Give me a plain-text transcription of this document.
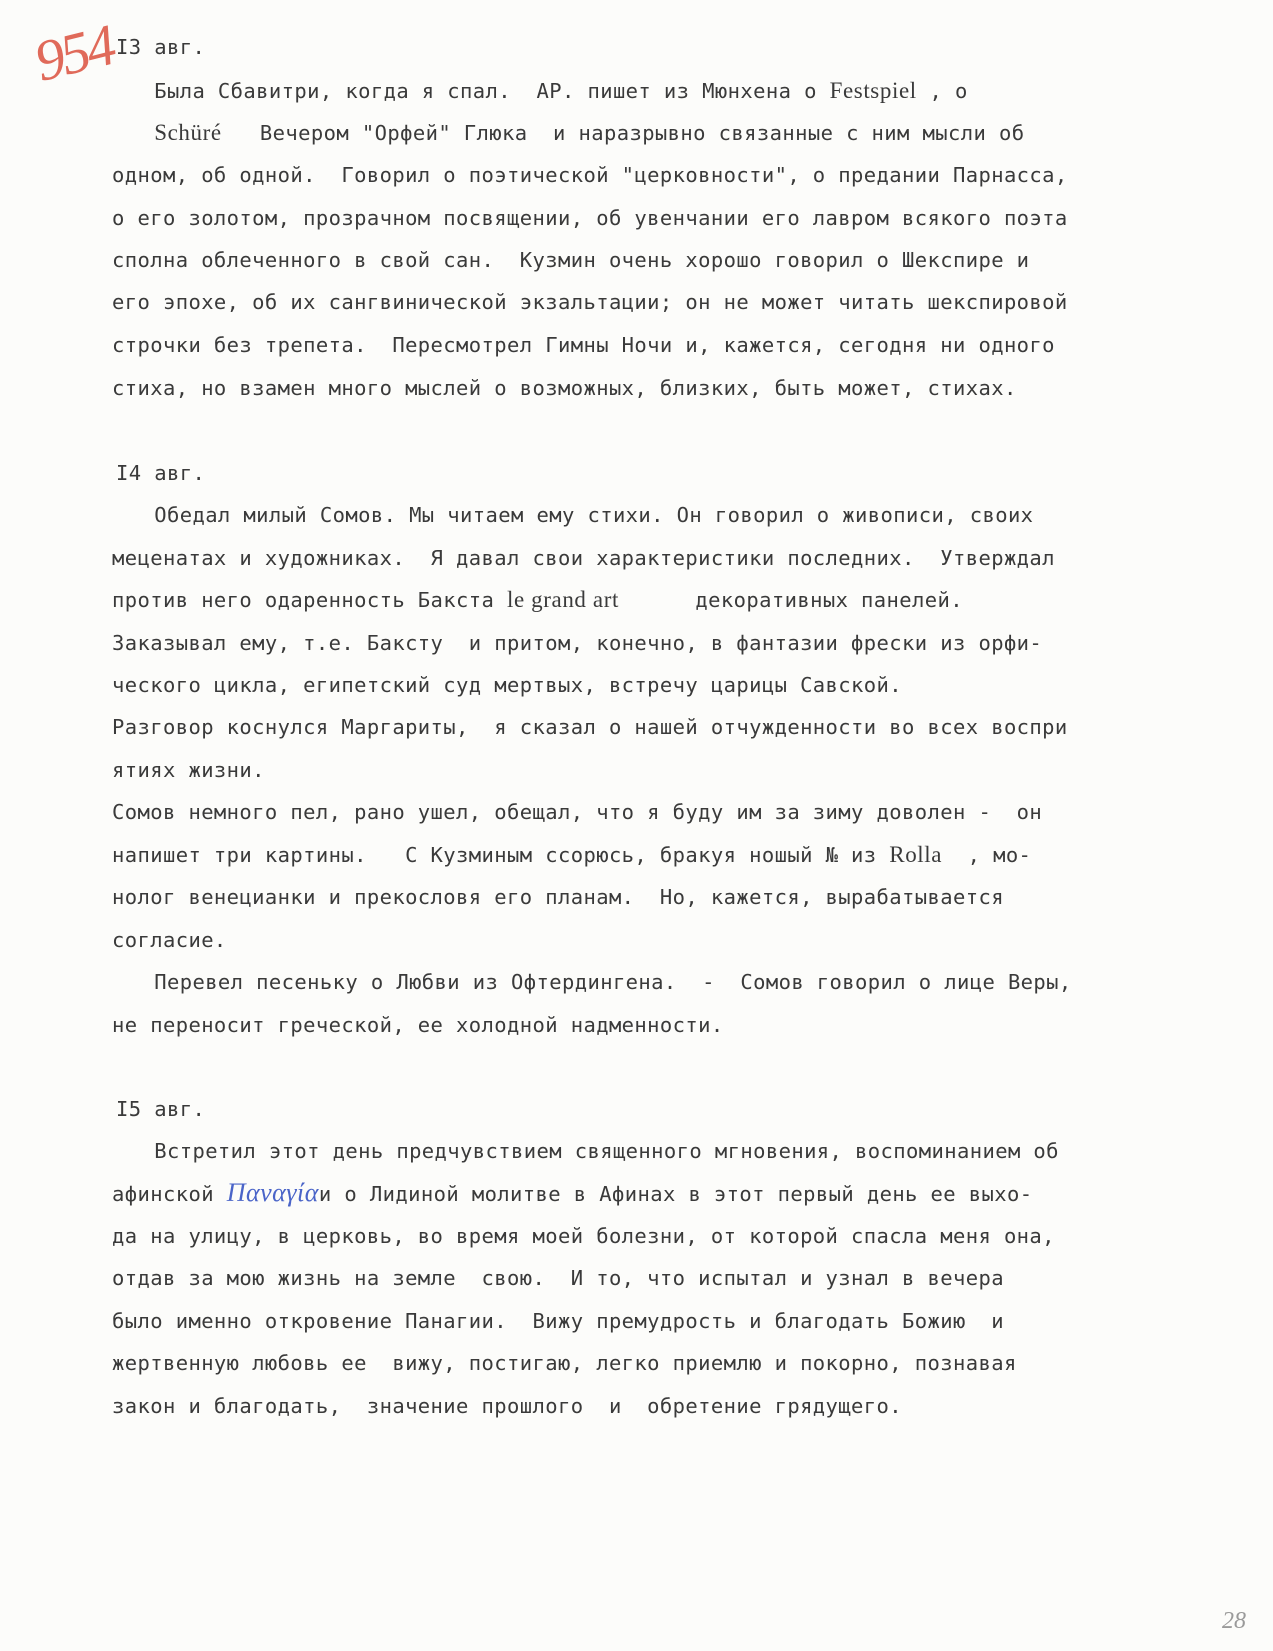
954
I3 авг.
Была Сбавитри, когда я спал.  АР. пишет из Мюнхена о Festspiel , о
Schüré   Вечером "Орфей" Глюка  и наразрывно связанные с ним мысли об
одном, об одной.  Говорил о поэтической "церковности", о предании Парнасса,
о его золотом, прозрачном посвящении, об увенчании его лавром всякого поэта
сполна облеченного в свой сан.  Кузмин очень хорошо говорил о Шекспире и
его эпохе, об их сангвинической экзальтации; он не может читать шекспировой
строчки без трепета.  Пересмотрел Гимны Ночи и, кажется, сегодня ни одного
стиха, но взамен много мыслей о возможных, близких, быть может, стихах.
I4 авг.
Обедал милый Сомов. Мы читаем ему стихи. Он говорил о живописи, своих
меценатах и художниках.  Я давал свои характеристики последних.  Утверждал
против него одаренность Бакста le grand art      декоративных панелей.
Заказывал ему, т.е. Баксту  и притом, конечно, в фантазии фрески из орфи-
ческого цикла, египетский суд мертвых, встречу царицы Савской.
Разговор коснулся Маргариты,  я сказал о нашей отчужденности во всех воспри
ятиях жизни.
Сомов немного пел, рано ушел, обещал, что я буду им за зиму доволен -  он
напишет три картины.   С Кузминым ссорюсь, бракуя ношый № из Rolla  , мо-
нолог венецианки и прекословя его планам.  Но, кажется, вырабатывается
согласие.
Перевел песеньку о Любви из Офтердингена.  -  Сомов говорил о лице Веры,
не переносит греческой, ее холодной надменности.
I5 авг.
Встретил этот день предчувствием священного мгновения, воспоминанием об
афинской Παναγίαи о Лидиной молитве в Афинах в этот первый день ее выхо-
да на улицу, в церковь, во время моей болезни, от которой спасла меня она,
отдав за мою жизнь на земле  свою.  И то, что испытал и узнал в вечера
было именно откровение Панагии.  Вижу премудрость и благодать Божию  и
жертвенную любовь ее  вижу, постигаю, легко приемлю и покорно, познавая
закон и благодать,  значение прошлого  и  обретение грядущего.
28
